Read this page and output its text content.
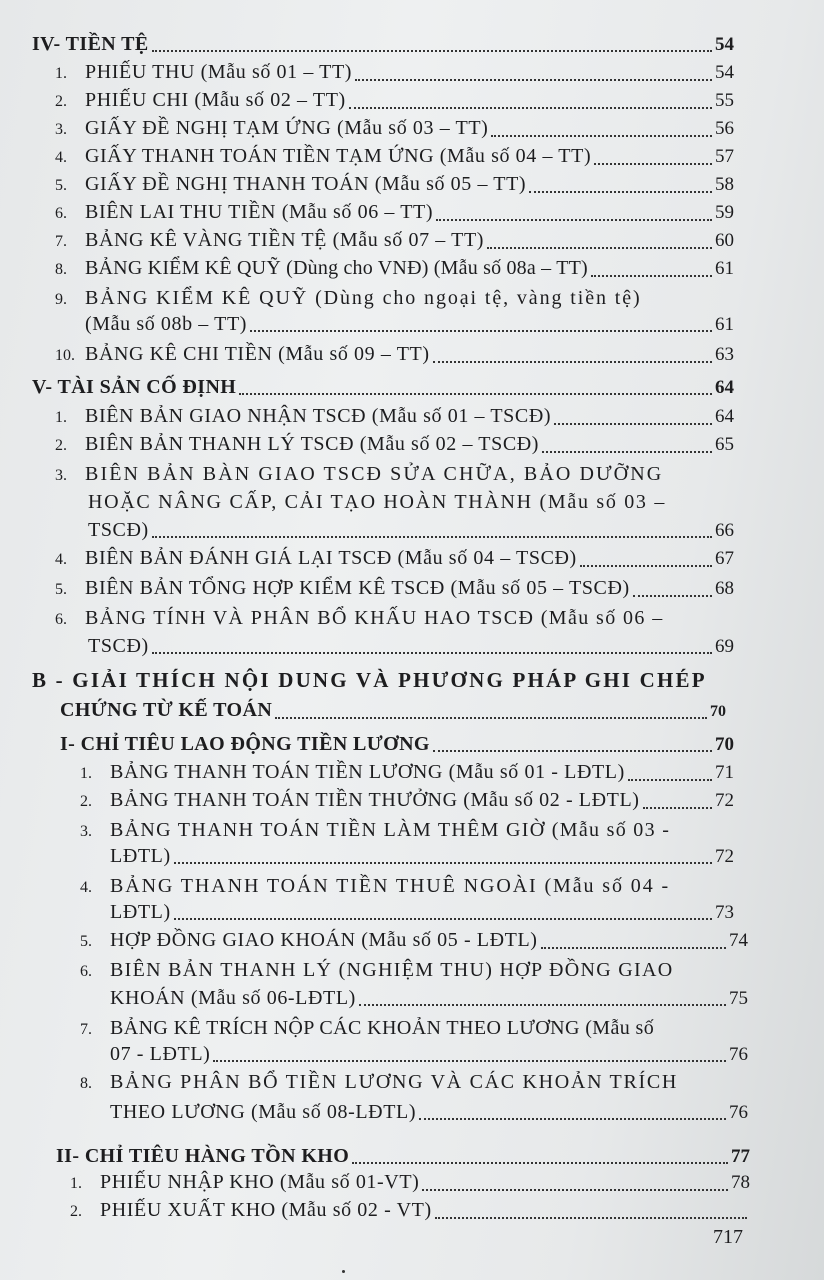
IV- TIỀN TỆ	54
1. PHIẾU THU (Mẫu số 01 – TT)	54
2. PHIẾU CHI (Mẫu số 02 – TT)	55
3. GIẤY ĐỀ NGHỊ TẠM ỨNG (Mẫu số 03 – TT)	56
4. GIẤY THANH TOÁN TIỀN TẠM ỨNG (Mẫu số 04 – TT)	57
5. GIẤY ĐỀ NGHỊ THANH TOÁN (Mẫu số 05 – TT)	58
6. BIÊN LAI THU TIỀN (Mẫu số 06 – TT)	59
7. BẢNG KÊ VÀNG TIỀN TỆ (Mẫu số 07 – TT)	60
8. BẢNG KIỂM KÊ QUỸ (Dùng cho VNĐ) (Mẫu số 08a – TT)	61
9. BẢNG KIỂM KÊ QUỸ (Dùng cho ngoại tệ, vàng tiền tệ)
(Mẫu số 08b – TT)	61
10. BẢNG KÊ CHI TIỀN (Mẫu số 09 – TT)	63
V- TÀI SẢN CỐ ĐỊNH	64
1. BIÊN BẢN GIAO NHẬN TSCĐ (Mẫu số 01 – TSCĐ)	64
2. BIÊN BẢN THANH LÝ TSCĐ (Mẫu số 02 – TSCĐ)	65
3. BIÊN BẢN BÀN GIAO TSCĐ SỬA CHỮA, BẢO DƯỠNG
HOẶC NÂNG CẤP, CẢI TẠO HOÀN THÀNH (Mẫu số 03 –
TSCĐ)	66
4. BIÊN BẢN ĐÁNH GIÁ LẠI TSCĐ (Mẫu số 04 – TSCĐ)	67
5. BIÊN BẢN TỔNG HỢP KIỂM KÊ TSCĐ (Mẫu số 05 – TSCĐ)	68
6. BẢNG TÍNH VÀ PHÂN BỔ KHẤU HAO TSCĐ (Mẫu số 06 –
TSCĐ)	69
B - GIẢI THÍCH NỘI DUNG VÀ PHƯƠNG PHÁP GHI CHÉP
CHỨNG TỪ KẾ TOÁN	70
I- CHỈ TIÊU LAO ĐỘNG TIỀN LƯƠNG	70
1. BẢNG THANH TOÁN TIỀN LƯƠNG (Mẫu số 01 - LĐTL)	71
2. BẢNG THANH TOÁN TIỀN THƯỞNG (Mẫu số 02 - LĐTL)	72
3. BẢNG THANH TOÁN TIỀN LÀM THÊM GIỜ (Mẫu số 03 -
LĐTL)	72
4. BẢNG THANH TOÁN TIỀN THUÊ NGOÀI (Mẫu số 04 -
LĐTL)	73
5. HỢP ĐỒNG GIAO KHOÁN (Mẫu số 05 - LĐTL)	74
6. BIÊN BẢN THANH LÝ (NGHIỆM THU) HỢP ĐỒNG GIAO
KHOÁN (Mẫu số 06-LĐTL)	75
7. BẢNG KÊ TRÍCH NỘP CÁC KHOẢN THEO LƯƠNG (Mẫu số
07 - LĐTL)	76
8. BẢNG PHÂN BỔ TIỀN LƯƠNG VÀ CÁC KHOẢN TRÍCH
THEO LƯƠNG (Mẫu số 08-LĐTL)	76
II- CHỈ TIÊU HÀNG TỒN KHO	77
1. PHIẾU NHẬP KHO (Mẫu số 01-VT)	78
2. PHIẾU XUẤT KHO (Mẫu số 02 - VT)
717
